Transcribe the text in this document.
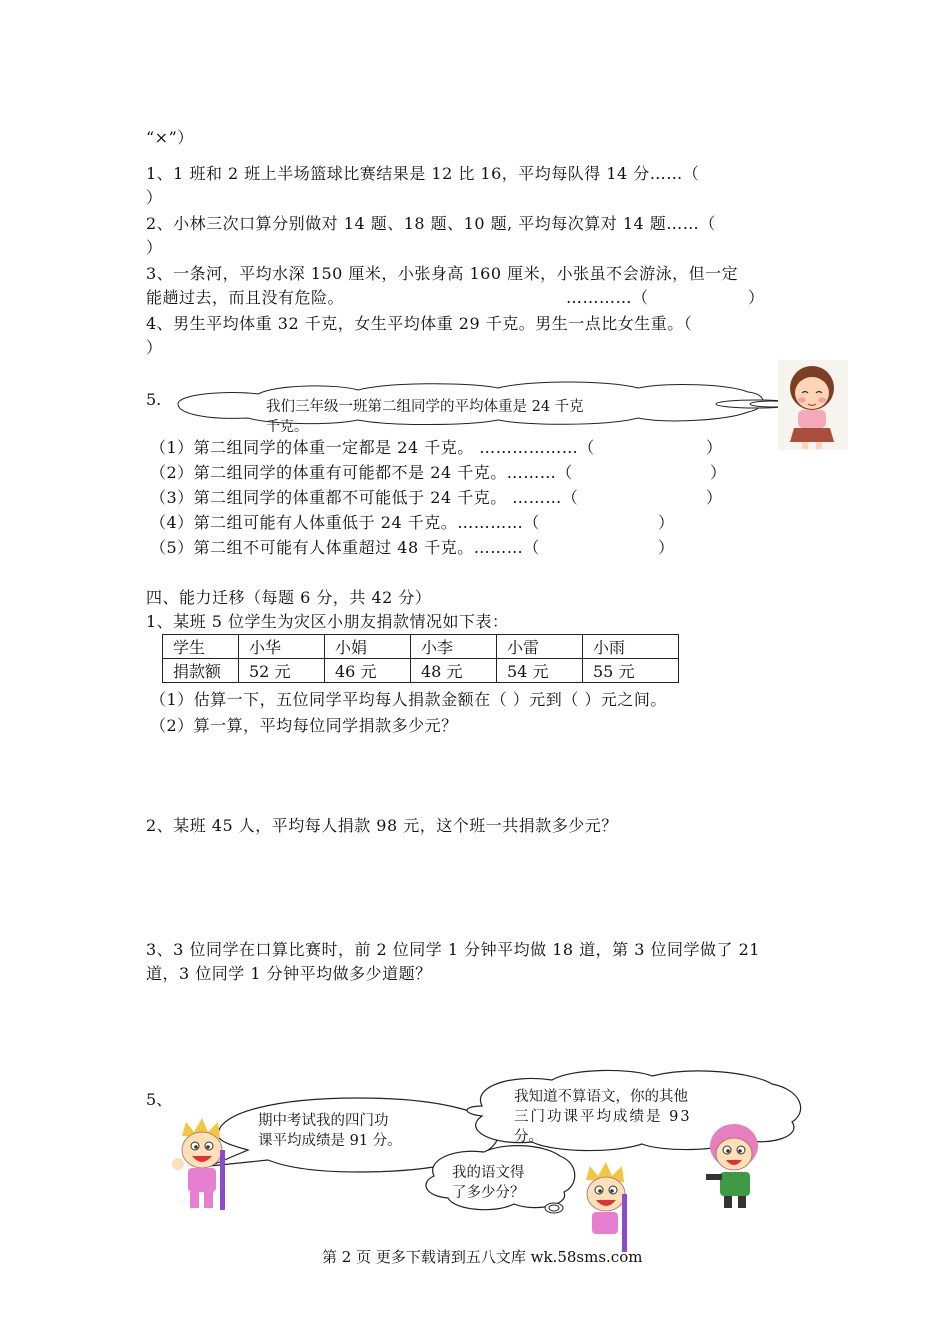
“×”）
1、1 班和 2 班上半场篮球比赛结果是 12 比 16，平均每队得 14 分……（
）
2、小林三次口算分别做对 14 题、18 题、10 题, 平均每次算对 14 题……（
）
3、一条河，平均水深 150 厘米，小张身高 160 厘米，小张虽不会游泳，但一定
能趟过去，而且没有危险。	…………（	）
4、男生平均体重 32 千克，女生平均体重 29 千克。男生一点比女生重。（
）
5.	我们三年级一班第二组同学的平均体重是 24 千克
千克。
（1）第二组同学的体重一定都是 24 千克。 ………………（	）
（2）第二组同学的体重有可能都不是 24 千克。………（	）
（3）第二组同学的体重都不可能低于 24 千克。 ………（	）
（4）第二组可能有人体重低于 24 千克。…………（	）
（5）第二组不可能有人体重超过 48 千克。………（	）
四、能力迁移（每题 6 分，共 42 分）
1、某班 5 位学生为灾区小朋友捐款情况如下表：
学生	小华	小娟	小李	小雷	小雨
捐款额	52 元	46 元	48 元	54 元	55 元
（1）估算一下，五位同学平均每人捐款金额在（ ）元到（ ）元之间。
（2）算一算，平均每位同学捐款多少元？
2、某班 45 人，平均每人捐款 98 元，这个班一共捐款多少元？
3、3 位同学在口算比赛时，前 2 位同学 1 分钟平均做 18 道，第 3 位同学做了 21
道，3 位同学 1 分钟平均做多少道题？
5、
期中考试我的四门功
课平均成绩是 91 分。
我知道不算语文，你的其他
三门功课平均成绩是 93
分。
我的语文得
了多少分？
第 2 页 更多下载请到五八文库 wk.58sms.com
